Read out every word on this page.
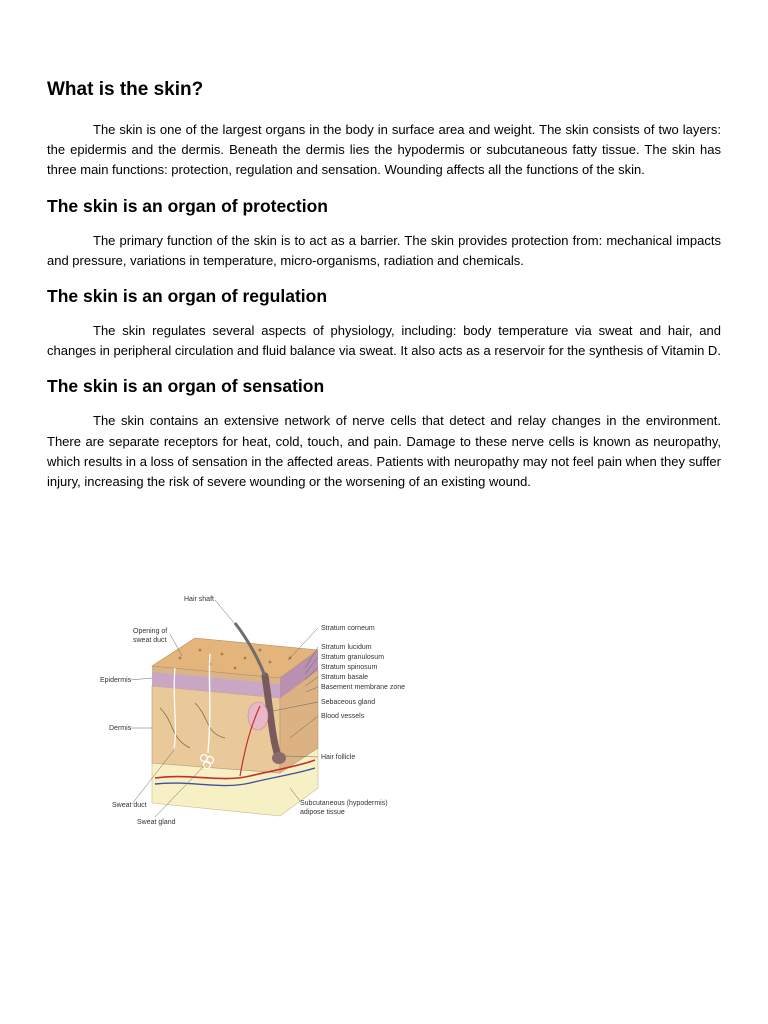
What is the skin?

The skin is one of the largest organs in the body in surface area and weight. The skin consists of two layers: the epidermis and the dermis. Beneath the dermis lies the hypodermis or subcutaneous fatty tissue. The skin has three main functions: protection, regulation and sensation. Wounding affects all the functions of the skin.

The skin is an organ of protection

The primary function of the skin is to act as a barrier. The skin provides protection from: mechanical impacts and pressure, variations in temperature, micro-organisms, radiation and chemicals.

The skin is an organ of regulation

The skin regulates several aspects of physiology, including: body temperature via sweat and hair, and changes in peripheral circulation and fluid balance via sweat. It also acts as a reservoir for the synthesis of Vitamin D.

The skin is an organ of sensation

The skin contains an extensive network of nerve cells that detect and relay changes in the environment. There are separate receptors for heat, cold, touch, and pain. Damage to these nerve cells is known as neuropathy, which results in a loss of sensation in the affected areas. Patients with neuropathy may not feel pain when they suffer injury, increasing the risk of severe wounding or the worsening of an existing wound.

Hair shaft
Opening of
sweat duct
Epidermis
Dermis
Sweat duct
Sweat gland
Stratum corneum
Stratum lucidum
Stratum granulosum
Stratum spinosum
Stratum basale
Basement membrane zone
Sebaceous gland
Blood vessels
Hair follicle
Subcutaneous (hypodermis)
adipose tissue
